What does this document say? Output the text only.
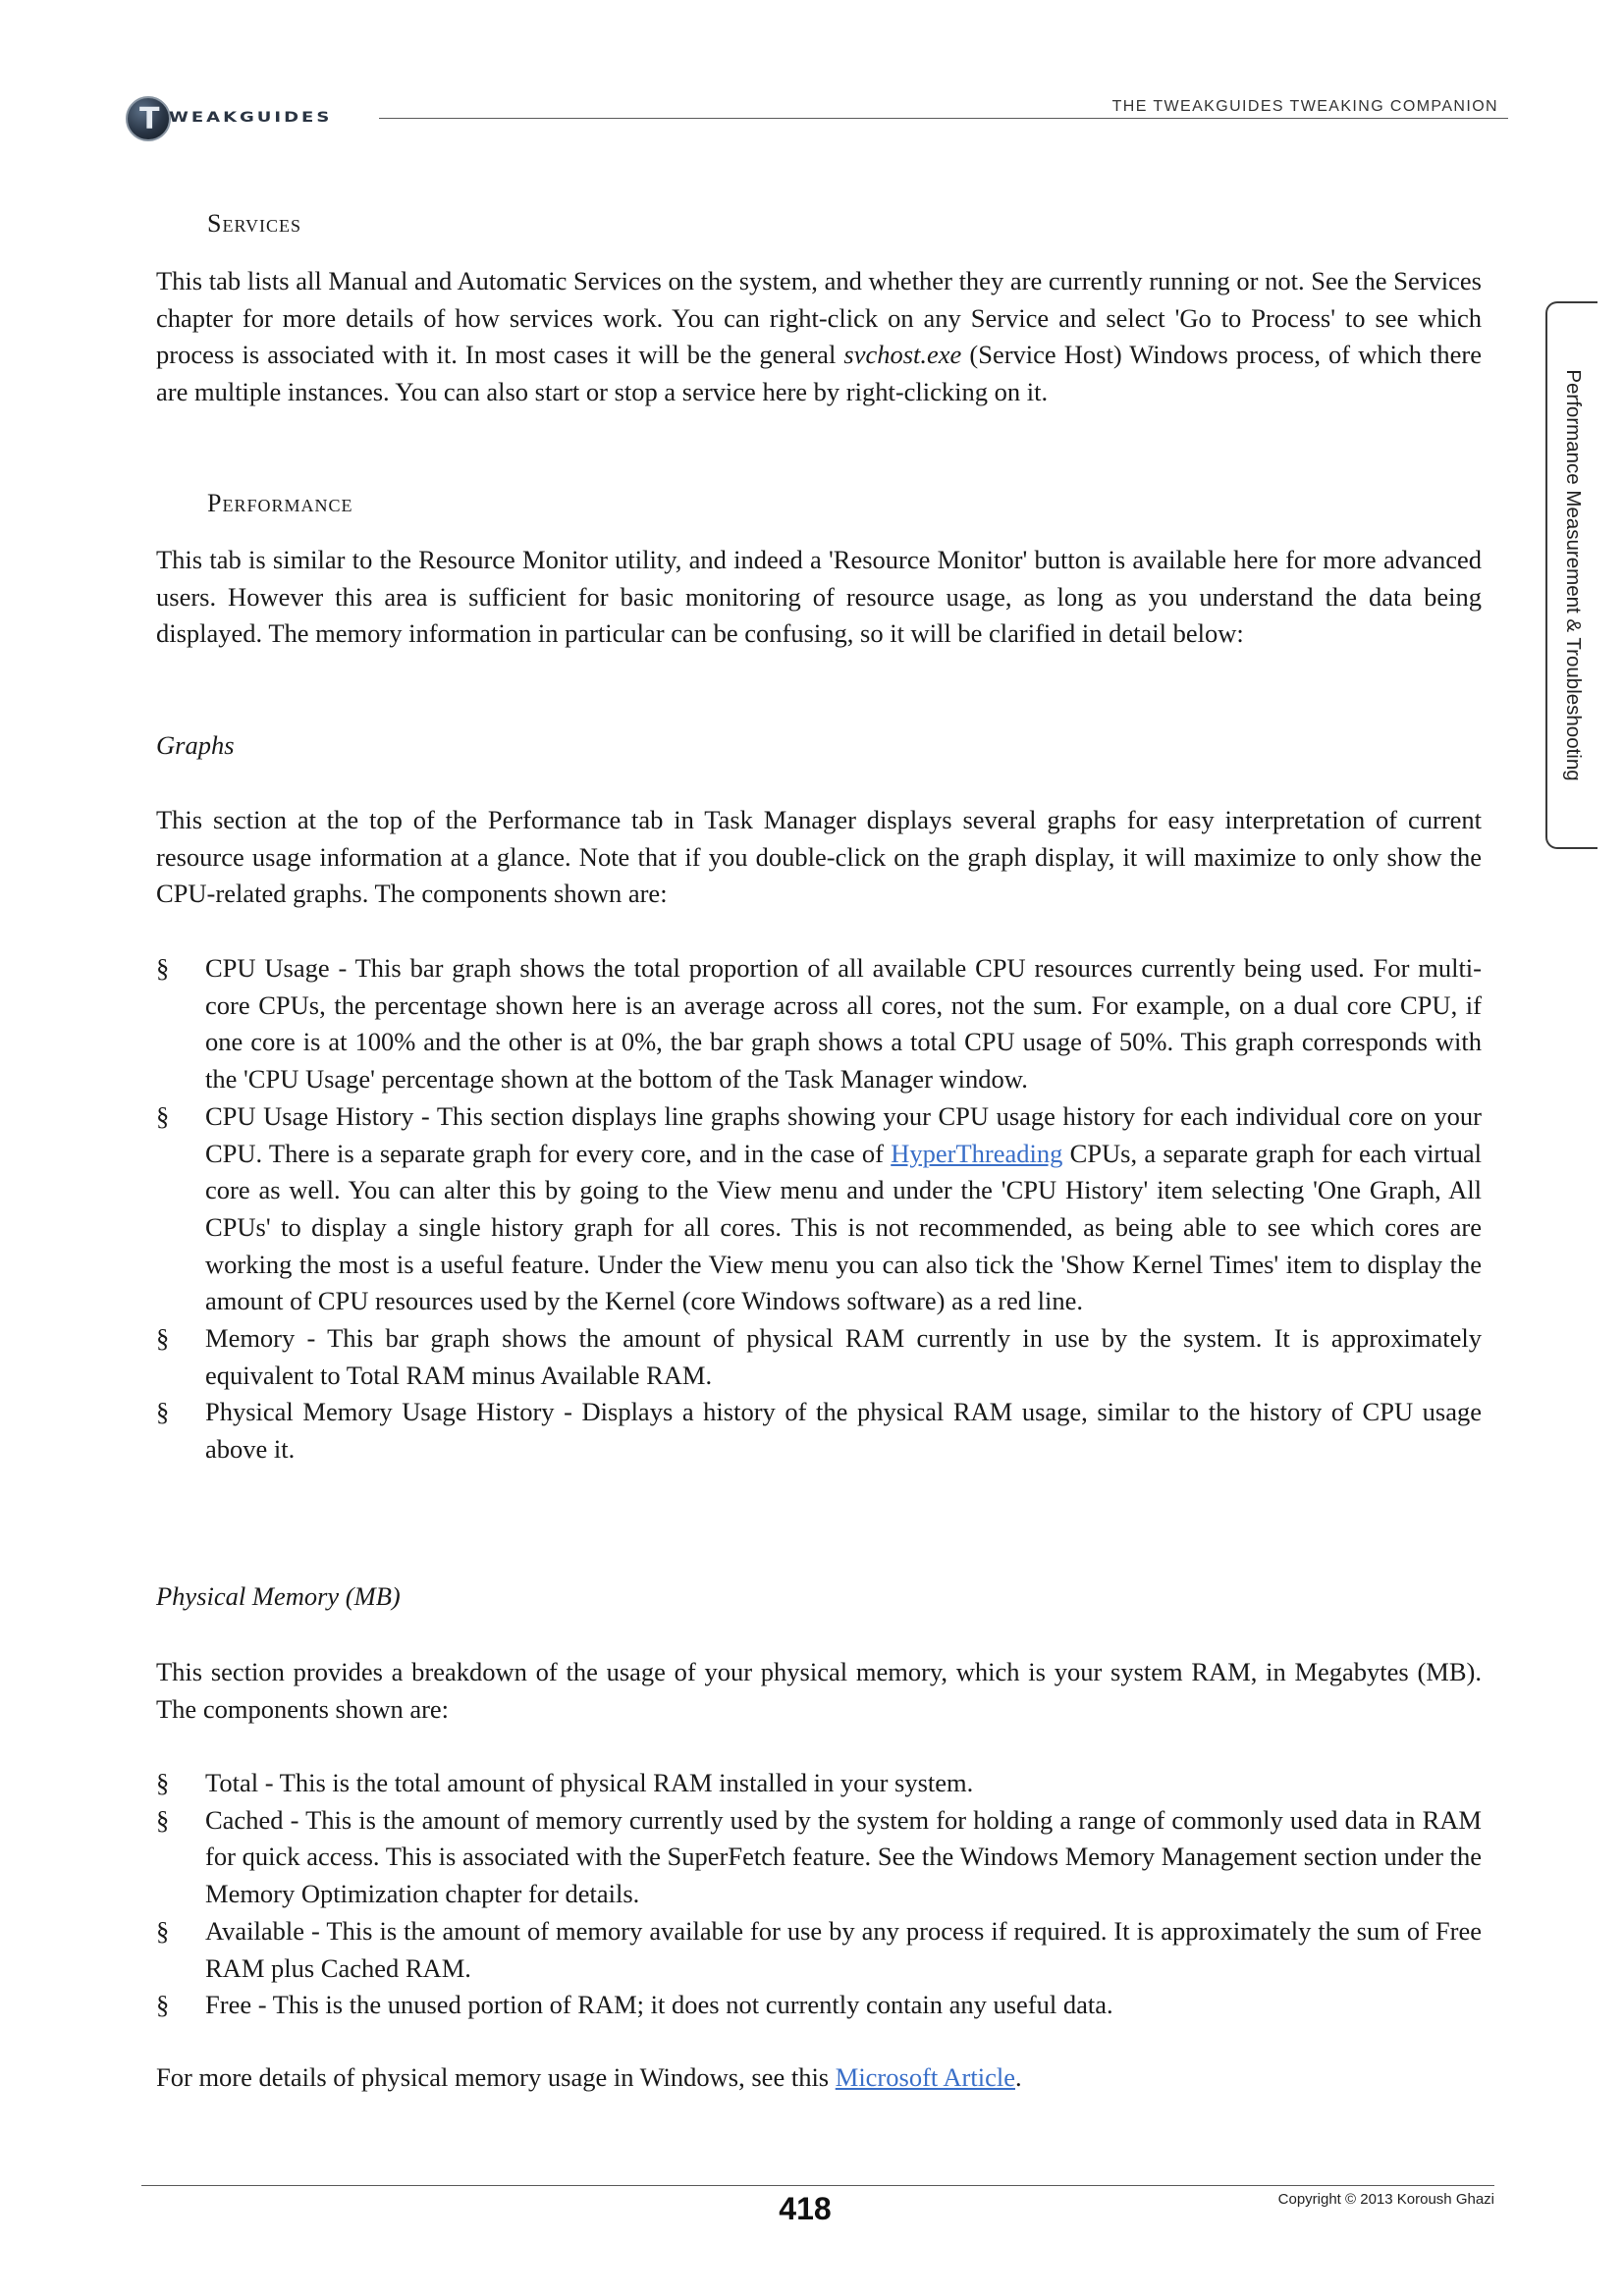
T WEAKGUIDES
THE TWEAKGUIDES TWEAKING COMPANION
Performance Measurement & Troubleshooting
Services

This tab lists all Manual and Automatic Services on the system, and whether they are currently running or not. See the Services chapter for more details of how services work. You can right-click on any Service and select 'Go to Process' to see which process is associated with it. In most cases it will be the general svchost.exe (Service Host) Windows process, of which there are multiple instances. You can also start or stop a service here by right-clicking on it.

Performance

This tab is similar to the Resource Monitor utility, and indeed a 'Resource Monitor' button is available here for more advanced users. However this area is sufficient for basic monitoring of resource usage, as long as you understand the data being displayed. The memory information in particular can be confusing, so it will be clarified in detail below:

Graphs

This section at the top of the Performance tab in Task Manager displays several graphs for easy interpretation of current resource usage information at a glance. Note that if you double-click on the graph display, it will maximize to only show the CPU-related graphs. The components shown are:

§ CPU Usage - This bar graph shows the total proportion of all available CPU resources currently being used. For multi-core CPUs, the percentage shown here is an average across all cores, not the sum. For example, on a dual core CPU, if one core is at 100% and the other is at 0%, the bar graph shows a total CPU usage of 50%. This graph corresponds with the 'CPU Usage' percentage shown at the bottom of the Task Manager window.
§ CPU Usage History - This section displays line graphs showing your CPU usage history for each individual core on your CPU. There is a separate graph for every core, and in the case of HyperThreading CPUs, a separate graph for each virtual core as well. You can alter this by going to the View menu and under the 'CPU History' item selecting 'One Graph, All CPUs' to display a single history graph for all cores. This is not recommended, as being able to see which cores are working the most is a useful feature. Under the View menu you can also tick the 'Show Kernel Times' item to display the amount of CPU resources used by the Kernel (core Windows software) as a red line.
§ Memory - This bar graph shows the amount of physical RAM currently in use by the system. It is approximately equivalent to Total RAM minus Available RAM.
§ Physical Memory Usage History - Displays a history of the physical RAM usage, similar to the history of CPU usage above it.
Physical Memory (MB)

This section provides a breakdown of the usage of your physical memory, which is your system RAM, in Megabytes (MB). The components shown are:

§ Total - This is the total amount of physical RAM installed in your system.
§ Cached - This is the amount of memory currently used by the system for holding a range of commonly used data in RAM for quick access. This is associated with the SuperFetch feature. See the Windows Memory Management section under the Memory Optimization chapter for details.
§ Available - This is the amount of memory available for use by any process if required. It is approximately the sum of Free RAM plus Cached RAM.
§ Free - This is the unused portion of RAM; it does not currently contain any useful data.

For more details of physical memory usage in Windows, see this Microsoft Article.

418	Copyright © 2013 Koroush Ghazi
